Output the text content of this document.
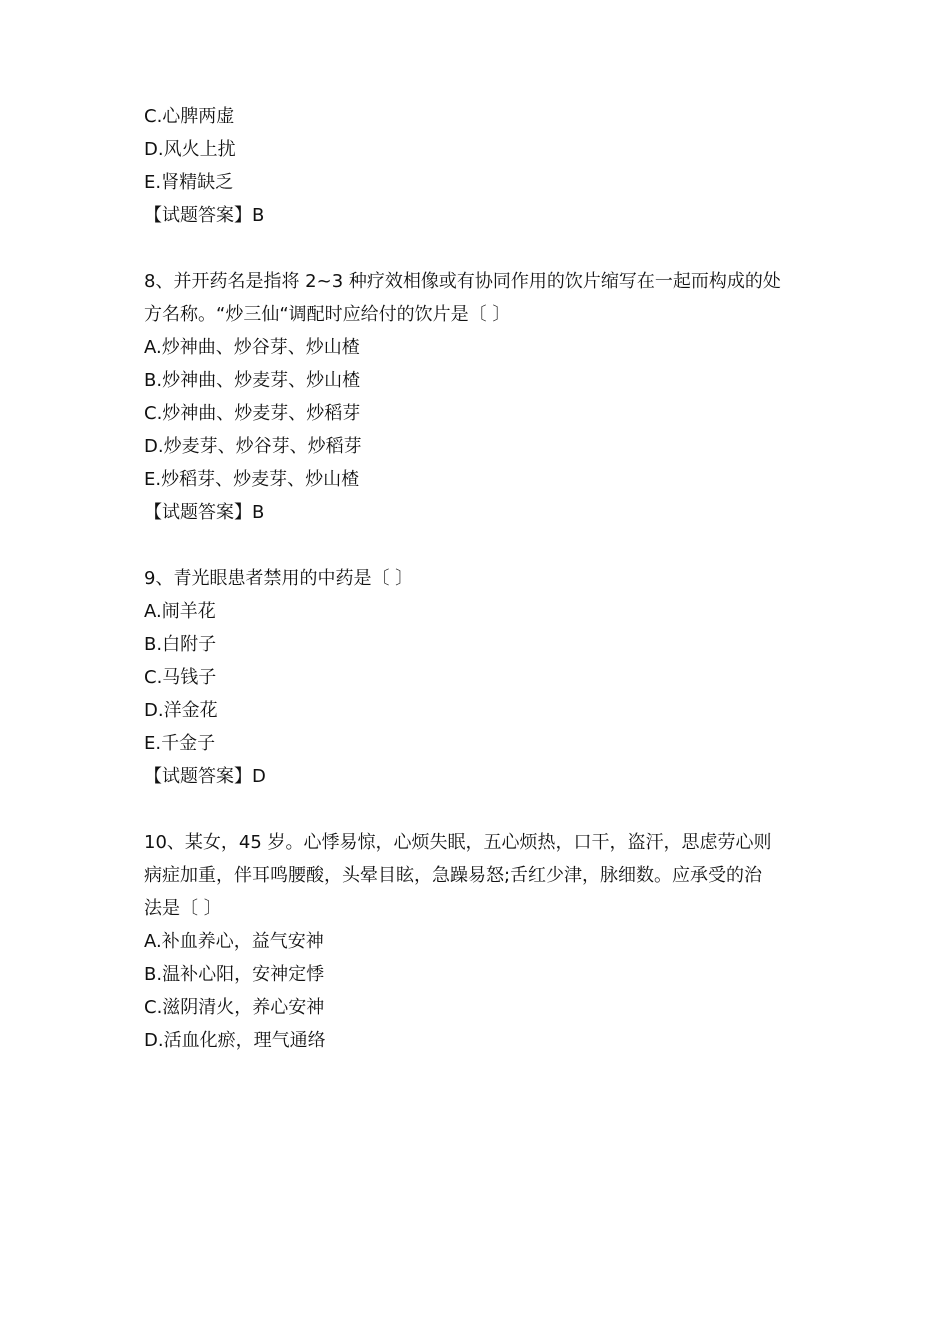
C.心脾两虚
D.风火上扰
E.肾精缺乏
【试题答案】B
8、并开药名是指将 2~3 种疗效相像或有协同作用的饮片缩写在一起而构成的处
方名称。“炒三仙“调配时应给付的饮片是〔 〕
A.炒神曲、炒谷芽、炒山楂
B.炒神曲、炒麦芽、炒山楂
C.炒神曲、炒麦芽、炒稻芽
D.炒麦芽、炒谷芽、炒稻芽
E.炒稻芽、炒麦芽、炒山楂
【试题答案】B
9、青光眼患者禁用的中药是〔 〕
A.闹羊花
B.白附子
C.马钱子
D.洋金花
E.千金子
【试题答案】D
10、某女，45 岁。心悸易惊，心烦失眠，五心烦热，口干，盗汗，思虑劳心则
病症加重，伴耳鸣腰酸，头晕目眩，急躁易怒;舌红少津，脉细数。应承受的治
法是〔 〕
A.补血养心，益气安神
B.温补心阳，安神定悸
C.滋阴清火，养心安神
D.活血化瘀，理气通络
